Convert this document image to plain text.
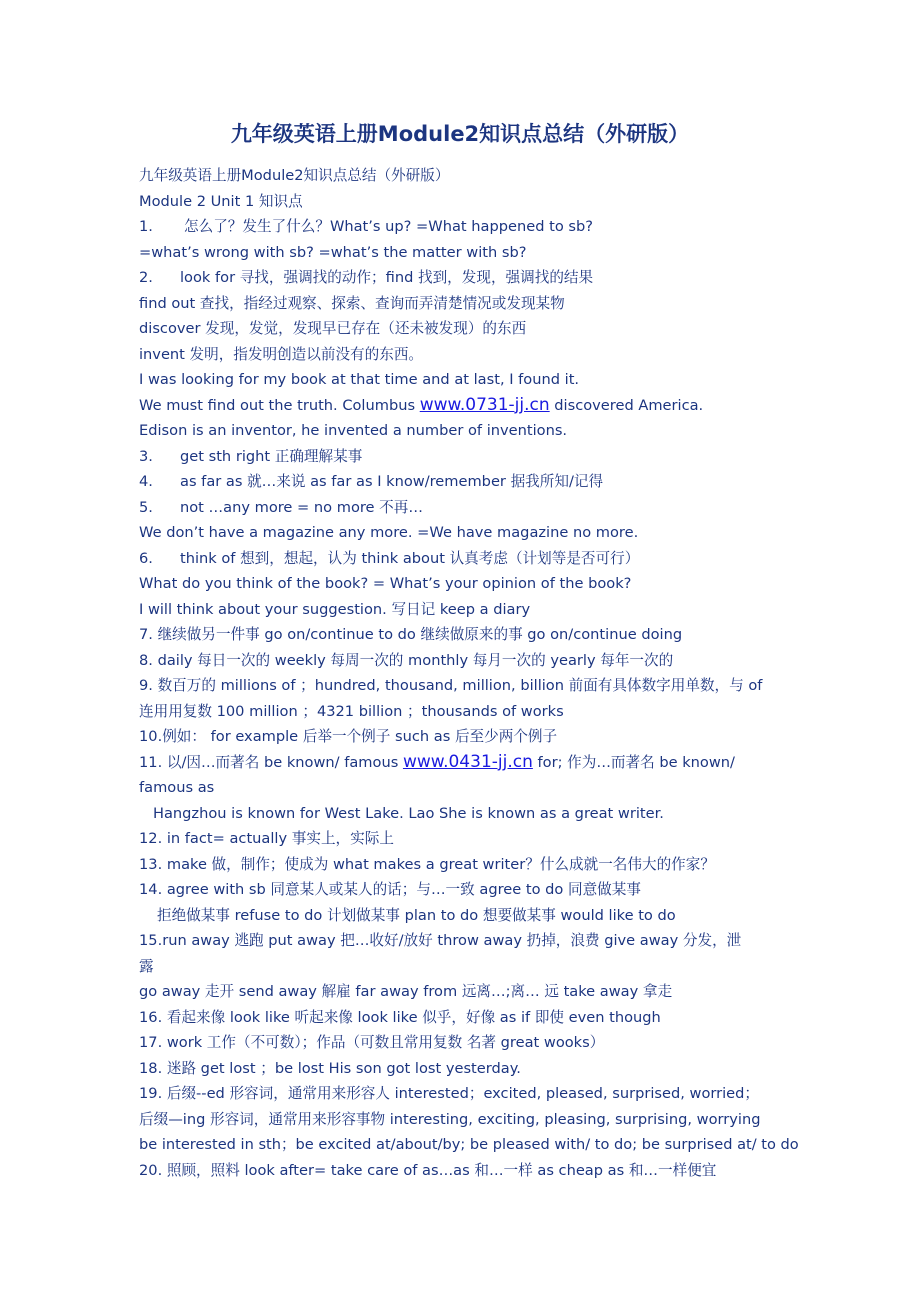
九年级英语上册Module2知识点总结（外研版）
九年级英语上册Module2知识点总结（外研版）
Module 2 Unit 1 知识点
1. 怎么了？发生了什么？What’s up? =What happened to sb?
=what’s wrong with sb? =what’s the matter with sb?
2. look for 寻找，强调找的动作；find 找到，发现，强调找的结果
find out 查找，指经过观察、探索、查询而弄清楚情况或发现某物
discover 发现，发觉，发现早已存在（还未被发现）的东西
invent 发明，指发明创造以前没有的东西。
I was looking for my book at that time and at last, I found it.
We must find out the truth. Columbus www.0731-jj.cn discovered America.
Edison is an inventor, he invented a number of inventions.
3. get sth right 正确理解某事
4. as far as 就…来说 as far as I know/remember 据我所知/记得
5. not …any more = no more 不再…
We don’t have a magazine any more. =We have magazine no more.
6. think of 想到，想起，认为 think about 认真考虑（计划等是否可行）
What do you think of the book? = What’s your opinion of the book?
I will think about your suggestion. 写日记 keep a diary
7. 继续做另一件事 go on/continue to do 继续做原来的事 go on/continue doing
8. daily 每日一次的 weekly 每周一次的 monthly 每月一次的 yearly 每年一次的
9. 数百万的 millions of ；hundred, thousand, million, billion 前面有具体数字用单数，与 of
连用用复数 100 million ；4321 billion ；thousands of works
10.例如： for example 后举一个例子 such as 后至少两个例子
11. 以/因…而著名 be known/ famous www.0431-jj.cn for; 作为…而著名 be known/
famous as
Hangzhou is known for West Lake. Lao She is known as a great writer.
12. in fact= actually 事实上，实际上
13. make 做，制作；使成为 what makes a great writer？什么成就一名伟大的作家？
14. agree with sb 同意某人或某人的话；与…一致 agree to do 同意做某事
拒绝做某事 refuse to do 计划做某事 plan to do 想要做某事 would like to do
15.run away 逃跑 put away 把…收好/放好 throw away 扔掉，浪费 give away 分发，泄
露
go away 走开 send away 解雇 far away from 远离…;离… 远 take away 拿走
16. 看起来像 look like 听起来像 look like 似乎，好像 as if 即使 even though
17. work 工作（不可数）；作品（可数且常用复数 名著 great wooks）
18. 迷路 get lost ；be lost His son got lost yesterday.
19. 后缀--ed 形容词，通常用来形容人 interested；excited, pleased, surprised, worried；
后缀—ing 形容词，通常用来形容事物 interesting, exciting, pleasing, surprising, worrying
be interested in sth；be excited at/about/by; be pleased with/ to do; be surprised at/ to do
20. 照顾，照料 look after= take care of as…as 和…一样 as cheap as 和…一样便宜
